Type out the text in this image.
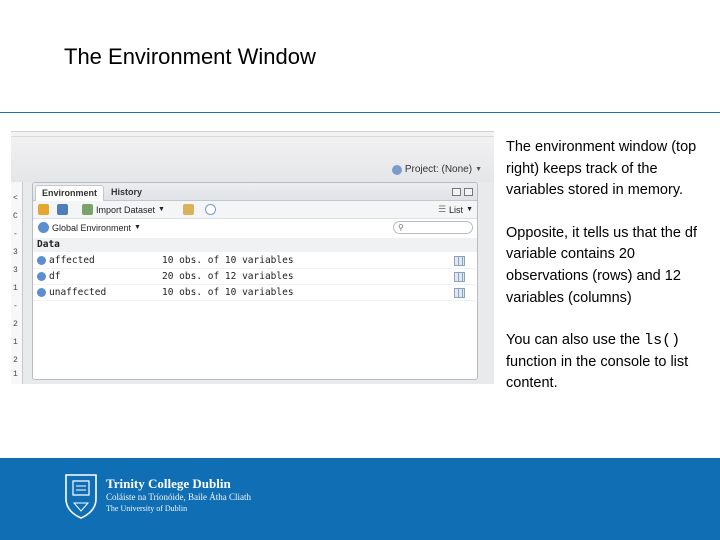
The Environment Window
Project: (None) ▼
<
C
-
3
3
1
-
2
1
2
1
Environment	History
Import Dataset ▼	☰ List ▼
Global Environment ▼	⚲
Data
affected	10 obs. of 10 variables
df	20 obs. of 12 variables
unaffected	10 obs. of 10 variables

The environment window (top right) keeps track of the variables stored in memory.

Opposite, it tells us that the df variable contains 20 observations (rows) and 12 variables (columns)

You can also use the ls() function in the console to list content.

Trinity College Dublin
Coláiste na Tríonóide, Baile Átha Cliath
The University of Dublin
